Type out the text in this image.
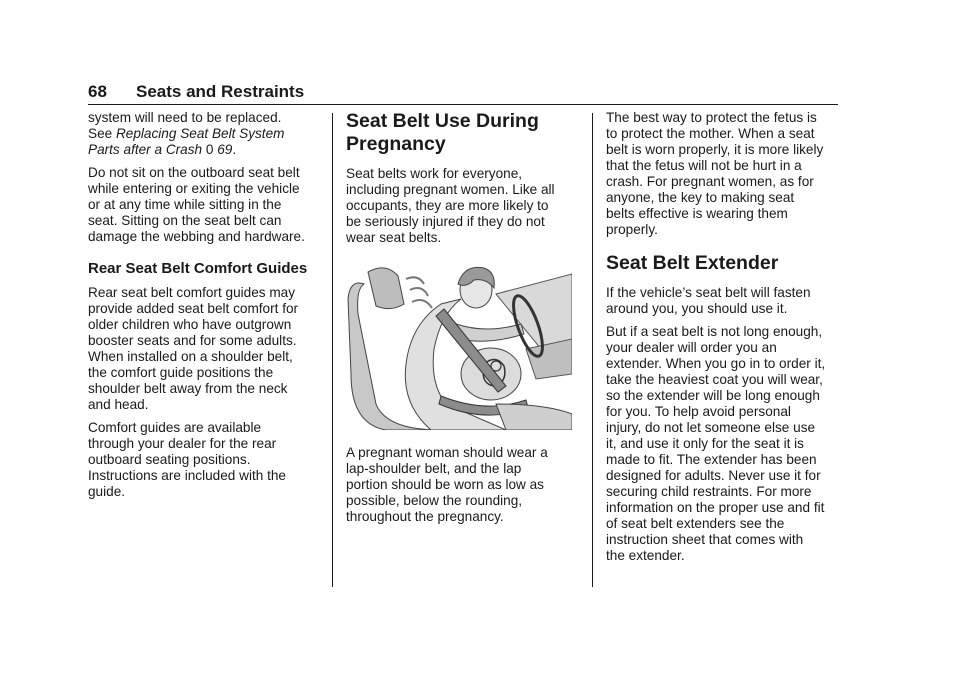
68 Seats and Restraints
system will need to be replaced.
See Replacing Seat Belt System
Parts after a Crash 0 69.
Do not sit on the outboard seat belt
while entering or exiting the vehicle
or at any time while sitting in the
seat. Sitting on the seat belt can
damage the webbing and hardware.
Rear Seat Belt Comfort Guides
Rear seat belt comfort guides may
provide added seat belt comfort for
older children who have outgrown
booster seats and for some adults.
When installed on a shoulder belt,
the comfort guide positions the
shoulder belt away from the neck
and head.
Comfort guides are available
through your dealer for the rear
outboard seating positions.
Instructions are included with the
guide.
Seat Belt Use During
Pregnancy
Seat belts work for everyone,
including pregnant women. Like all
occupants, they are more likely to
be seriously injured if they do not
wear seat belts.
A pregnant woman should wear a
lap-shoulder belt, and the lap
portion should be worn as low as
possible, below the rounding,
throughout the pregnancy.
The best way to protect the fetus is
to protect the mother. When a seat
belt is worn properly, it is more likely
that the fetus will not be hurt in a
crash. For pregnant women, as for
anyone, the key to making seat
belts effective is wearing them
properly.
Seat Belt Extender
If the vehicle’s seat belt will fasten
around you, you should use it.
But if a seat belt is not long enough,
your dealer will order you an
extender. When you go in to order it,
take the heaviest coat you will wear,
so the extender will be long enough
for you. To help avoid personal
injury, do not let someone else use
it, and use it only for the seat it is
made to fit. The extender has been
designed for adults. Never use it for
securing child restraints. For more
information on the proper use and fit
of seat belt extenders see the
instruction sheet that comes with
the extender.
